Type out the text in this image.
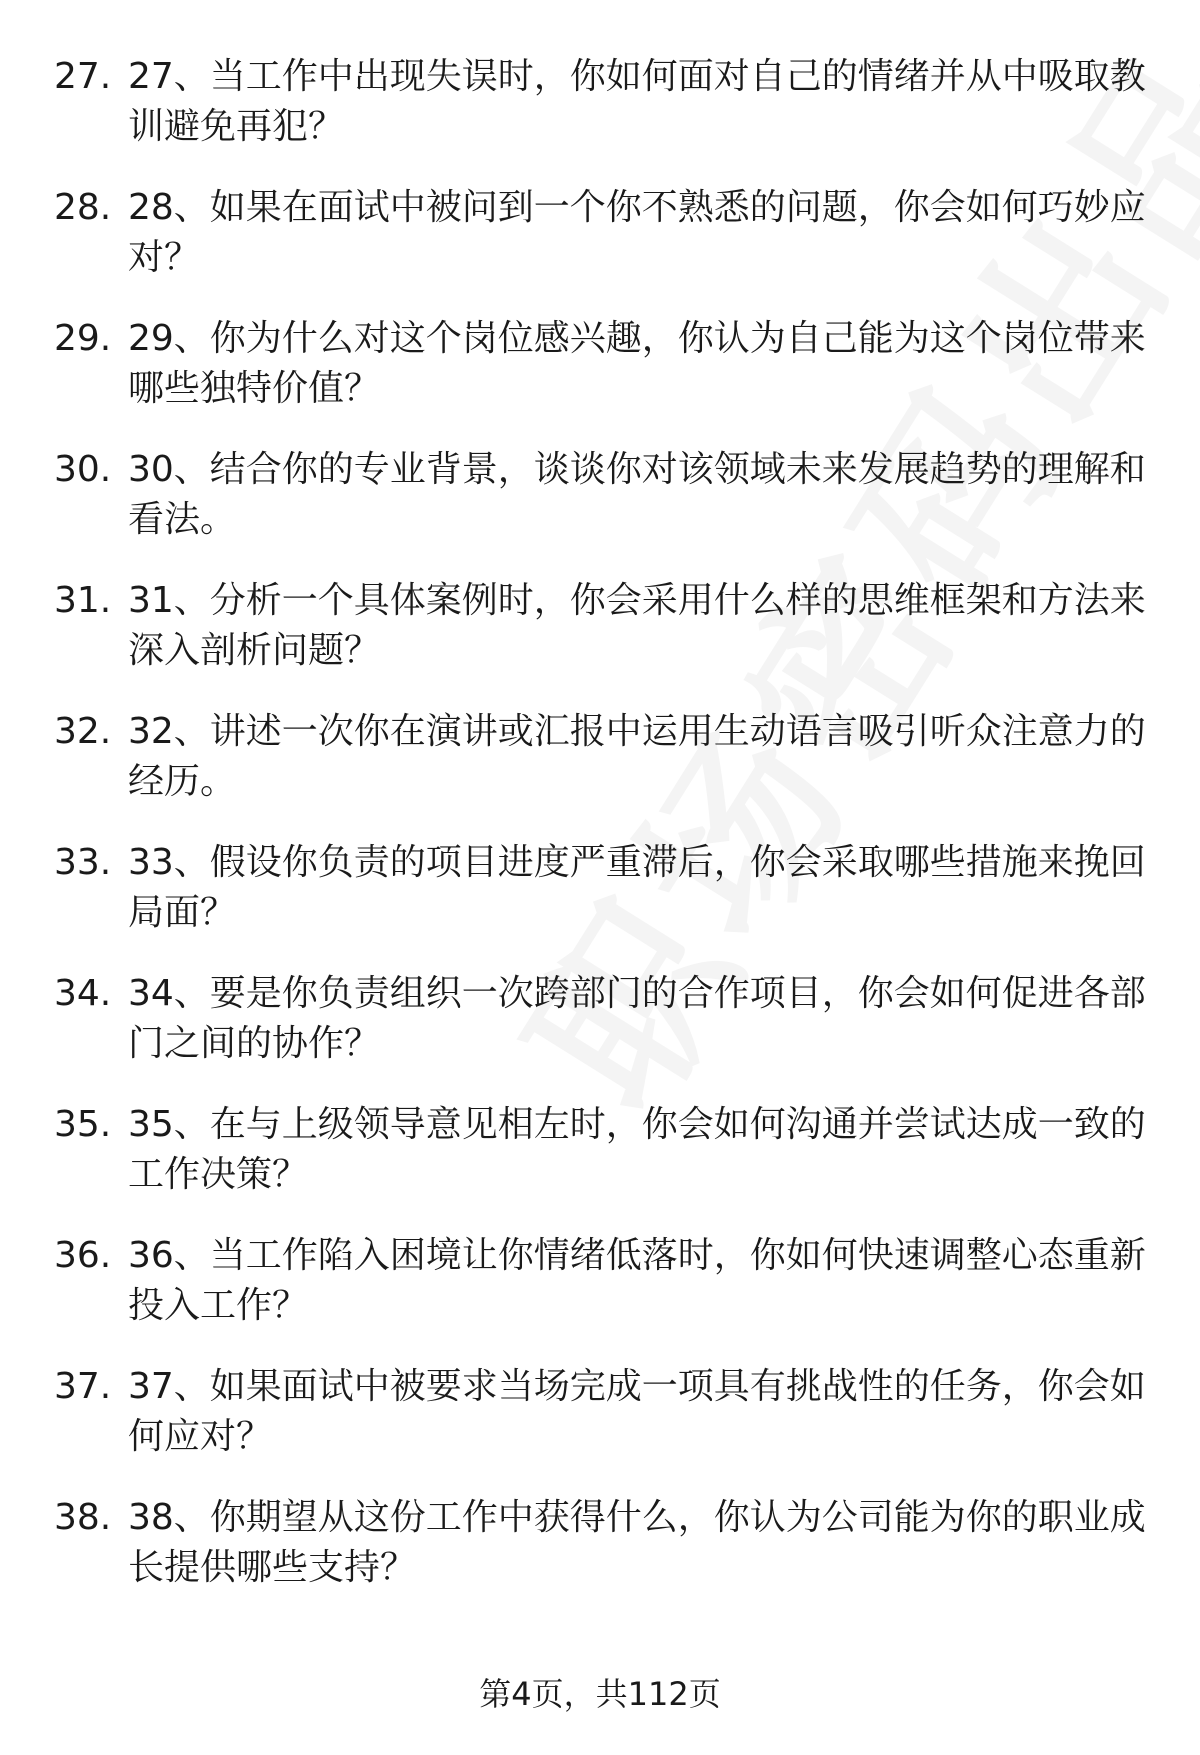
27. 27、当工作中出现失误时，你如何面对自己的情绪并从中吸取教训避免再犯？
28. 28、如果在面试中被问到一个你不熟悉的问题，你会如何巧妙应对？
29. 29、你为什么对这个岗位感兴趣，你认为自己能为这个岗位带来哪些独特价值？
30. 30、结合你的专业背景，谈谈你对该领域未来发展趋势的理解和看法。
31. 31、分析一个具体案例时，你会采用什么样的思维框架和方法来深入剖析问题？
32. 32、讲述一次你在演讲或汇报中运用生动语言吸引听众注意力的经历。
33. 33、假设你负责的项目进度严重滞后，你会采取哪些措施来挽回局面？
34. 34、要是你负责组织一次跨部门的合作项目，你会如何促进各部门之间的协作？
35. 35、在与上级领导意见相左时，你会如何沟通并尝试达成一致的工作决策？
36. 36、当工作陷入困境让你情绪低落时，你如何快速调整心态重新投入工作？
37. 37、如果面试中被要求当场完成一项具有挑战性的任务，你会如何应对？
38. 38、你期望从这份工作中获得什么，你认为公司能为你的职业成长提供哪些支持？
第4页，共112页
